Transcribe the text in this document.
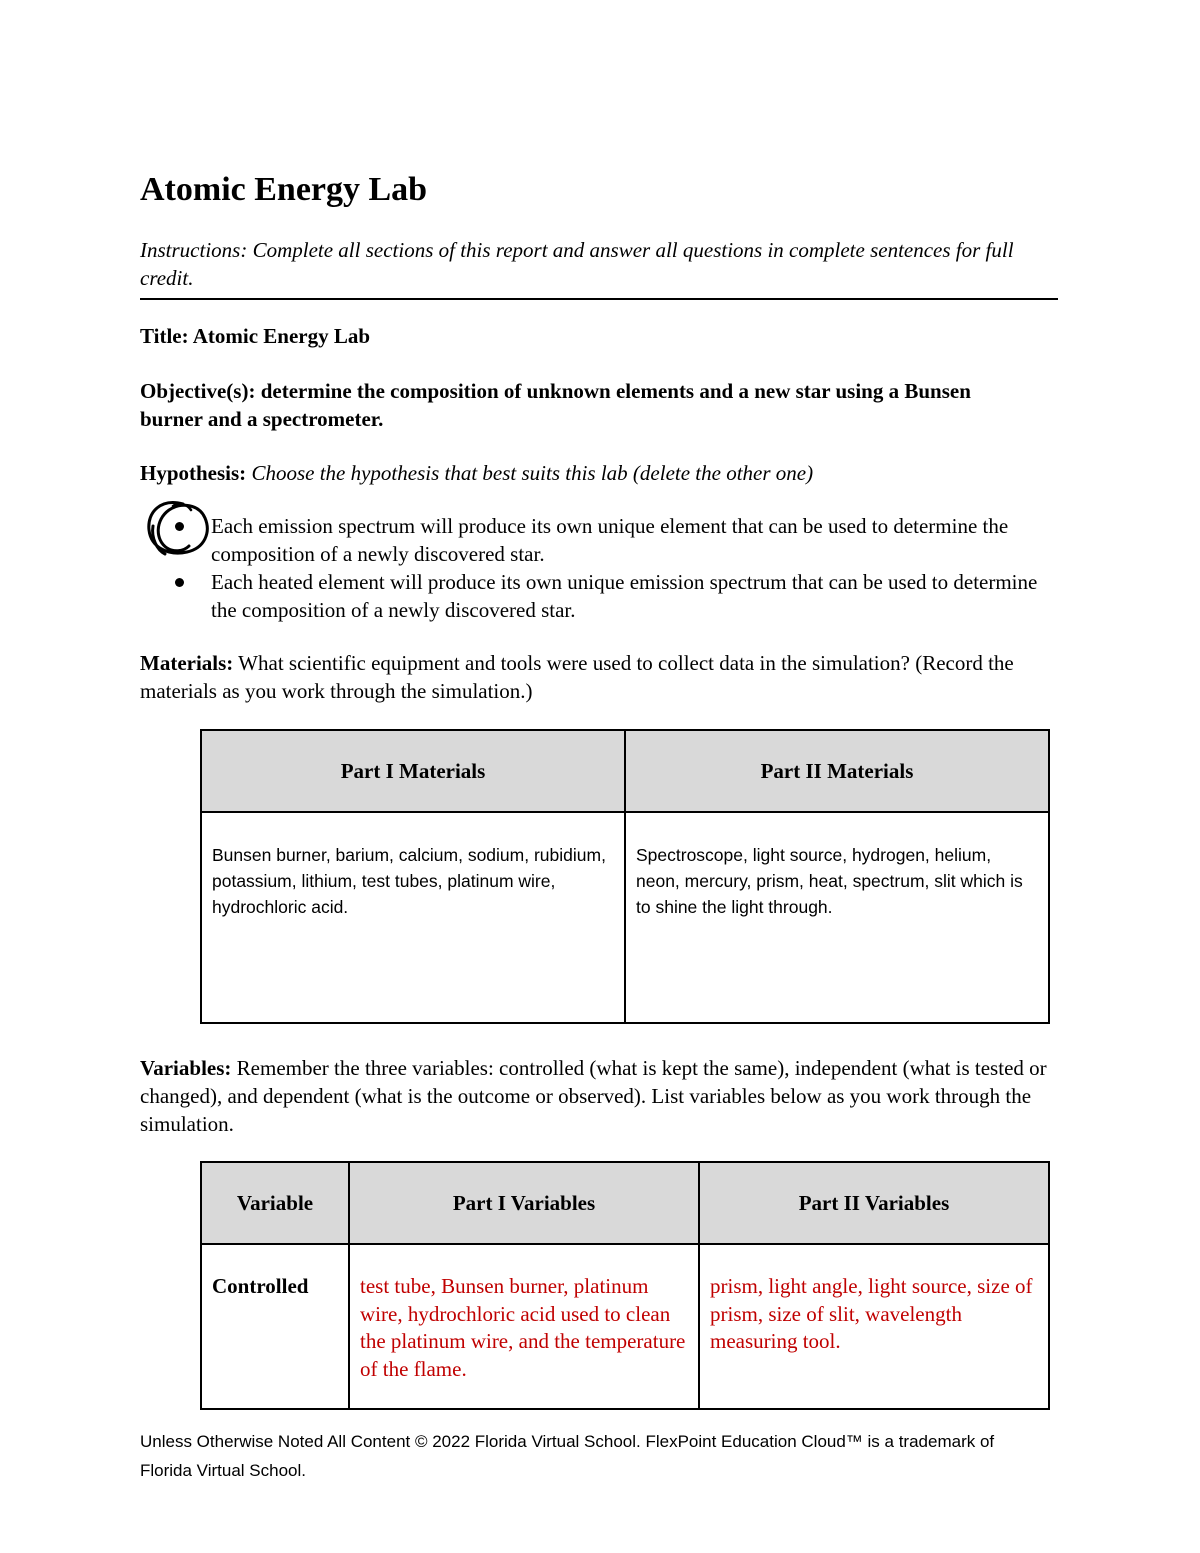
Atomic Energy Lab
Instructions: Complete all sections of this report and answer all questions in complete sentences for full credit.
Title: Atomic Energy Lab
Objective(s): determine the composition of unknown elements and a new star using a Bunsen burner and a spectrometer.
Hypothesis: Choose the hypothesis that best suits this lab (delete the other one)
Each emission spectrum will produce its own unique element that can be used to determine the composition of a newly discovered star.
Each heated element will produce its own unique emission spectrum that can be used to determine the composition of a newly discovered star.
Materials: What scientific equipment and tools were used to collect data in the simulation? (Record the materials as you work through the simulation.)
Part I Materials	Part II Materials
Bunsen burner, barium, calcium, sodium, rubidium, potassium, lithium, test tubes, platinum wire, hydrochloric acid.	Spectroscope, light source, hydrogen, helium, neon, mercury, prism, heat, spectrum, slit which is to shine the light through.
Variables: Remember the three variables: controlled (what is kept the same), independent (what is tested or changed), and dependent (what is the outcome or observed). List variables below as you work through the simulation.
Variable	Part I Variables	Part II Variables
Controlled	test tube, Bunsen burner, platinum wire, hydrochloric acid used to clean the platinum wire, and the temperature of the flame.	prism, light angle, light source, size of prism, size of slit, wavelength measuring tool.
Unless Otherwise Noted All Content © 2022 Florida Virtual School. FlexPoint Education Cloud™ is a trademark of Florida Virtual School.
